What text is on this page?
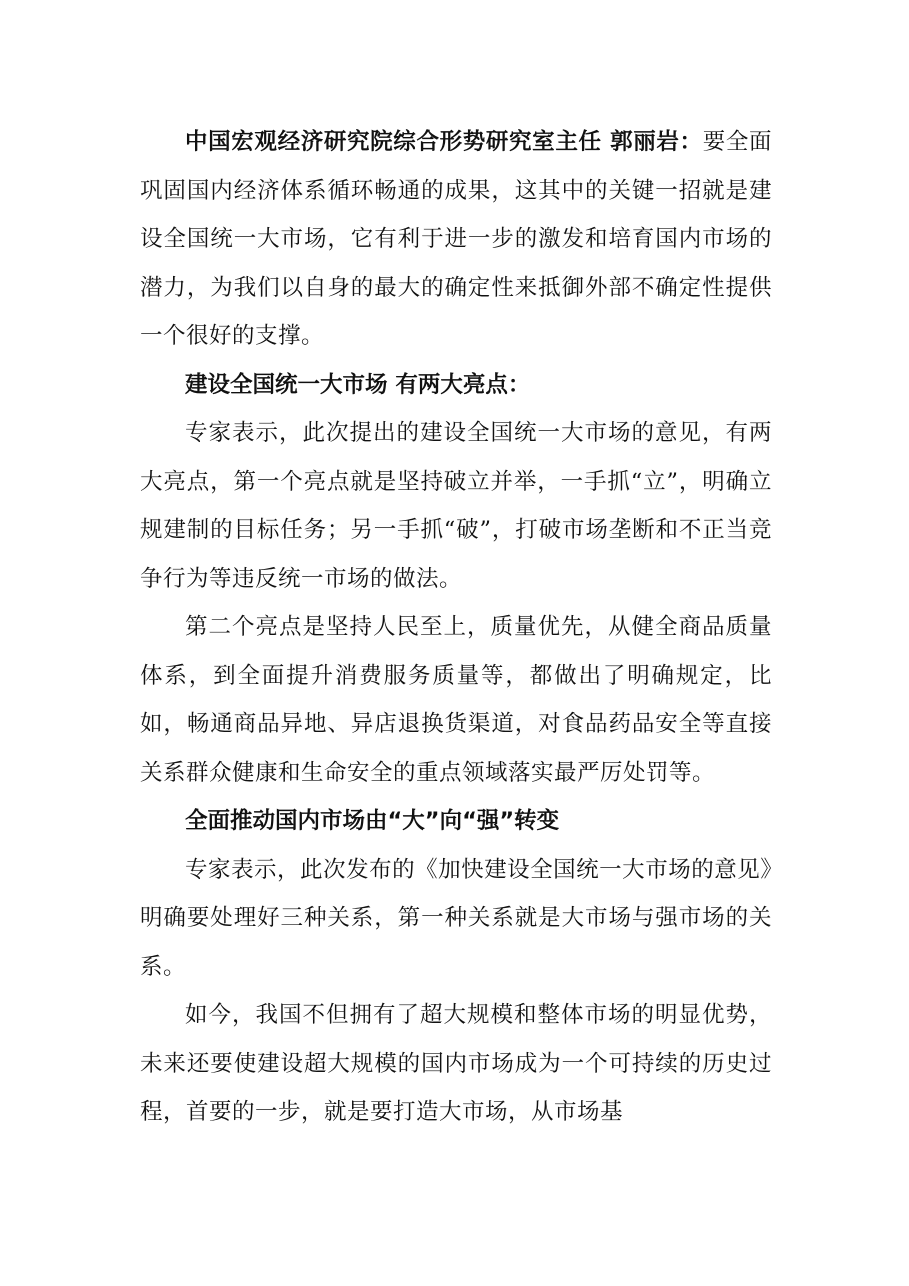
中国宏观经济研究院综合形势研究室主任 郭丽岩：要全面巩固国内经济体系循环畅通的成果，这其中的关键一招就是建设全国统一大市场，它有利于进一步的激发和培育国内市场的潜力，为我们以自身的最大的确定性来抵御外部不确定性提供一个很好的支撑。

建设全国统一大市场 有两大亮点：

专家表示，此次提出的建设全国统一大市场的意见，有两大亮点，第一个亮点就是坚持破立并举，一手抓“立”，明确立规建制的目标任务；另一手抓“破”，打破市场垄断和不正当竞争行为等违反统一市场的做法。

第二个亮点是坚持人民至上，质量优先，从健全商品质量体系，到全面提升消费服务质量等，都做出了明确规定，比如，畅通商品异地、异店退换货渠道，对食品药品安全等直接关系群众健康和生命安全的重点领域落实最严厉处罚等。

全面推动国内市场由“大”向“强”转变

专家表示，此次发布的《加快建设全国统一大市场的意见》明确要处理好三种关系，第一种关系就是大市场与强市场的关系。

如今，我国不但拥有了超大规模和整体市场的明显优势，未来还要使建设超大规模的国内市场成为一个可持续的历史过程，首要的一步，就是要打造大市场，从市场基
